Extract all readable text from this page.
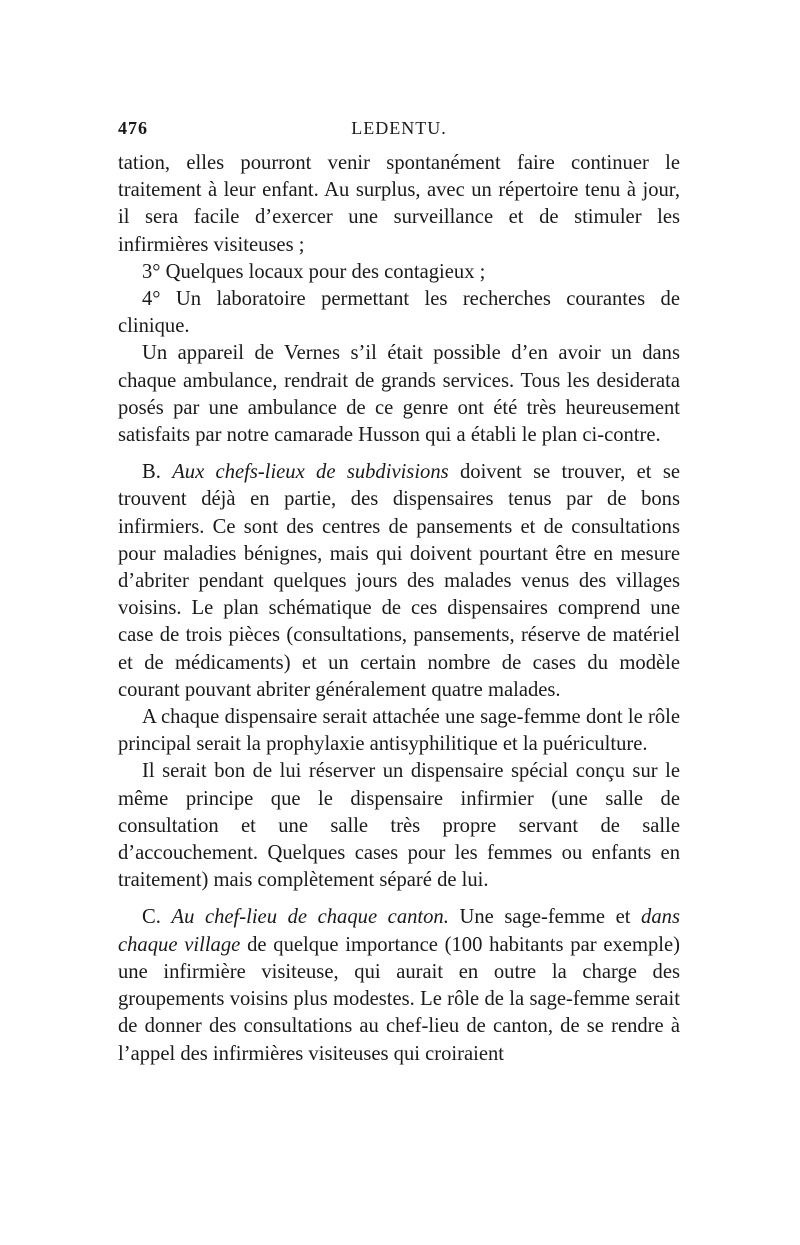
476	LEDENTU.

tation, elles pourront venir spontanément faire continuer le traitement à leur enfant. Au surplus, avec un répertoire tenu à jour, il sera facile d’exercer une surveillance et de stimuler les infirmières visiteuses ;

3° Quelques locaux pour des contagieux ;

4° Un laboratoire permettant les recherches courantes de clinique.

Un appareil de Vernes s’il était possible d’en avoir un dans chaque ambulance, rendrait de grands services. Tous les desiderata posés par une ambulance de ce genre ont été très heureusement satisfaits par notre camarade Husson qui a établi le plan ci-contre.

B. Aux chefs-lieux de subdivisions doivent se trouver, et se trouvent déjà en partie, des dispensaires tenus par de bons infirmiers. Ce sont des centres de pansements et de consultations pour maladies bénignes, mais qui doivent pourtant être en mesure d’abriter pendant quelques jours des malades venus des villages voisins. Le plan schématique de ces dispensaires comprend une case de trois pièces (consultations, pansements, réserve de matériel et de médicaments) et un certain nombre de cases du modèle courant pouvant abriter généralement quatre malades.

A chaque dispensaire serait attachée une sage-femme dont le rôle principal serait la prophylaxie antisyphilitique et la puériculture.

Il serait bon de lui réserver un dispensaire spécial conçu sur le même principe que le dispensaire infirmier (une salle de consultation et une salle très propre servant de salle d’accouchement. Quelques cases pour les femmes ou enfants en traitement) mais complètement séparé de lui.

C. Au chef-lieu de chaque canton. Une sage-femme et dans chaque village de quelque importance (100 habitants par exemple) une infirmière visiteuse, qui aurait en outre la charge des groupements voisins plus modestes. Le rôle de la sage-femme serait de donner des consultations au chef-lieu de canton, de se rendre à l’appel des infirmières visiteuses qui croiraient
